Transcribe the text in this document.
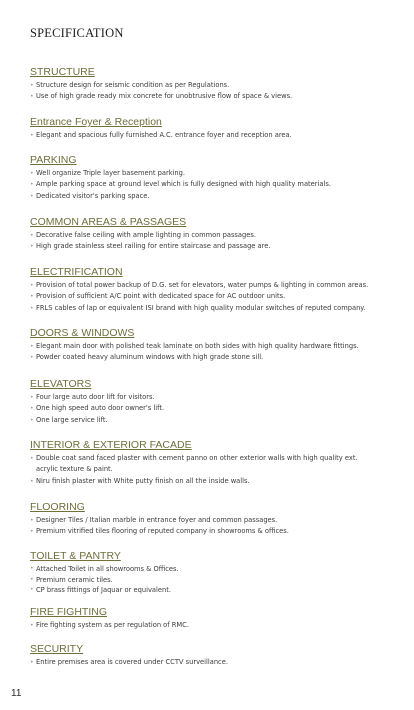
SPECIFICATION
STRUCTURE
• Structure design for seismic condition as per Regulations.
• Use of high grade ready mix concrete for unobtrusive flow of space & views.
Entrance Foyer & Reception
• Elegant and spacious fully furnished A.C. entrance foyer and reception area.
PARKING
• Well organize Triple layer basement parking.
• Ample parking space at ground level which is fully designed with high quality materials.
• Dedicated visitor's parking space.
COMMON AREAS & PASSAGES
• Decorative false ceiling with ample lighting in common passages.
• High grade stainless steel railing for entire staircase and passage are.
ELECTRIFICATION
• Provision of total power backup of D.G. set for elevators, water pumps & lighting in common areas.
• Provision of sufficient A/C point with dedicated space for AC outdoor units.
• FRLS cables of lap or equivalent ISI brand with high quality modular switches of reputed company.
DOORS & WINDOWS
• Elegant main door with polished teak laminate on both sides with high quality hardware fittings.
• Powder coated heavy aluminum windows with high grade stone sill.
ELEVATORS
• Four large auto door lift for visitors.
• One high speed auto door owner's lift.
• One large service lift.
INTERIOR & EXTERIOR FACADE
• Double coat sand faced plaster with cement panno on other exterior walls with high quality ext.
acrylic texture & paint.
• Niru finish plaster with White putty finish on all the inside walls.
FLOORING
• Designer Tiles / Italian marble in entrance foyer and common passages.
• Premium vitrified tiles flooring of reputed company in showrooms & offices.
TOILET & PANTRY
• Attached Toilet in all showrooms & Offices.
• Premium ceramic tiles.
• CP brass fittings of Jaquar or equivalent.
FIRE FIGHTING
• Fire fighting system as per regulation of RMC.
SECURITY
• Entire premises area is covered under CCTV surveillance.
11
